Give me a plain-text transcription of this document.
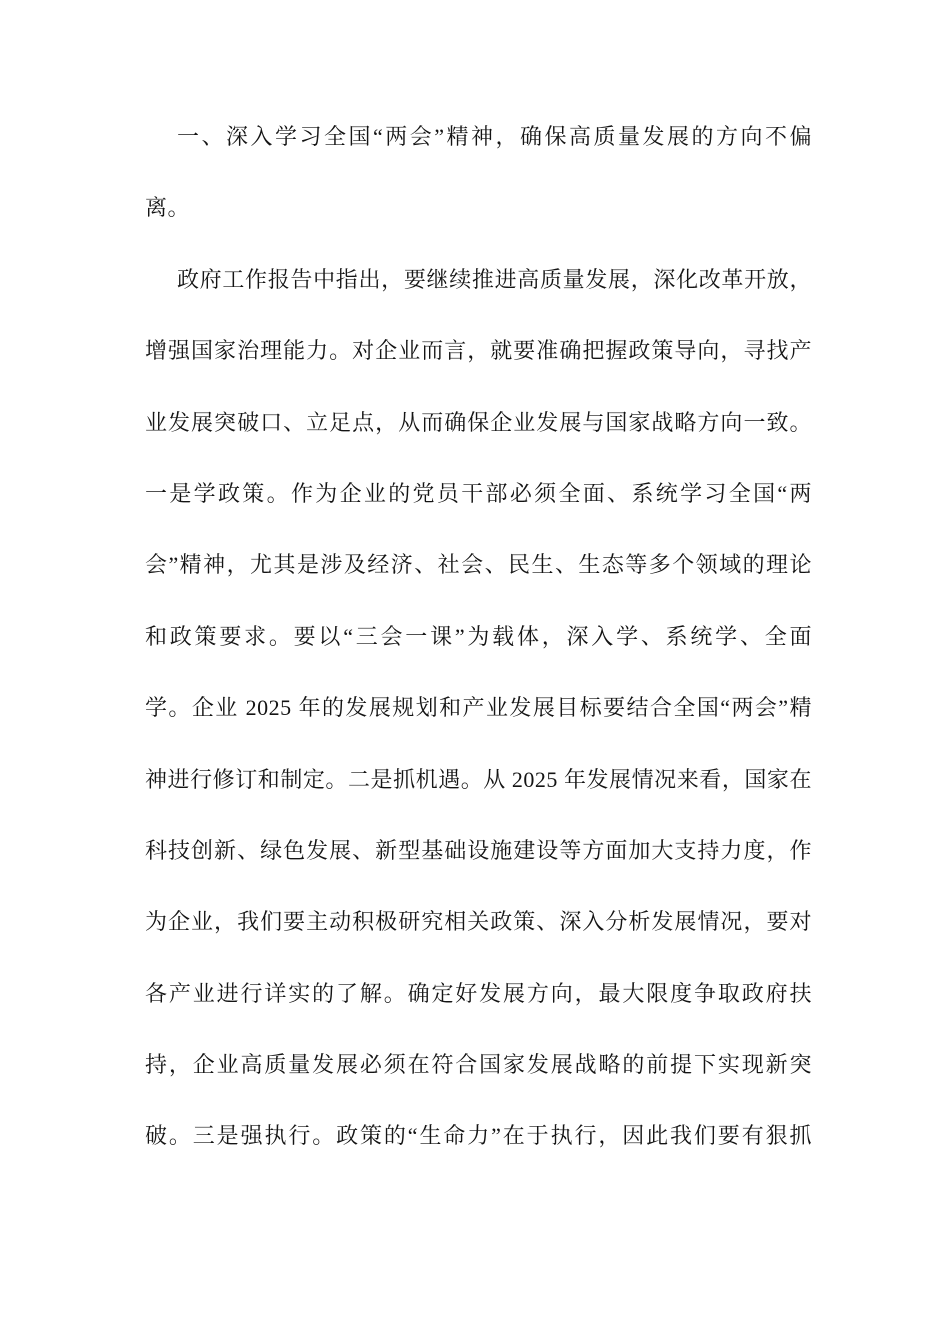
一、深入学习全国“两会”精神，确保高质量发展的方向不偏
离。
政府工作报告中指出，要继续推进高质量发展，深化改革开放，
增强国家治理能力。对企业而言，就要准确把握政策导向，寻找产
业发展突破口、立足点，从而确保企业发展与国家战略方向一致。
一是学政策。作为企业的党员干部必须全面、系统学习全国“两
会”精神，尤其是涉及经济、社会、民生、生态等多个领域的理论
和政策要求。要以“三会一课”为载体，深入学、系统学、全面
学。企业 2025 年的发展规划和产业发展目标要结合全国“两会”精
神进行修订和制定。二是抓机遇。从 2025 年发展情况来看，国家在
科技创新、绿色发展、新型基础设施建设等方面加大支持力度，作
为企业，我们要主动积极研究相关政策、深入分析发展情况，要对
各产业进行详实的了解。确定好发展方向，最大限度争取政府扶
持，企业高质量发展必须在符合国家发展战略的前提下实现新突
破。三是强执行。政策的“生命力”在于执行，因此我们要有狠抓
